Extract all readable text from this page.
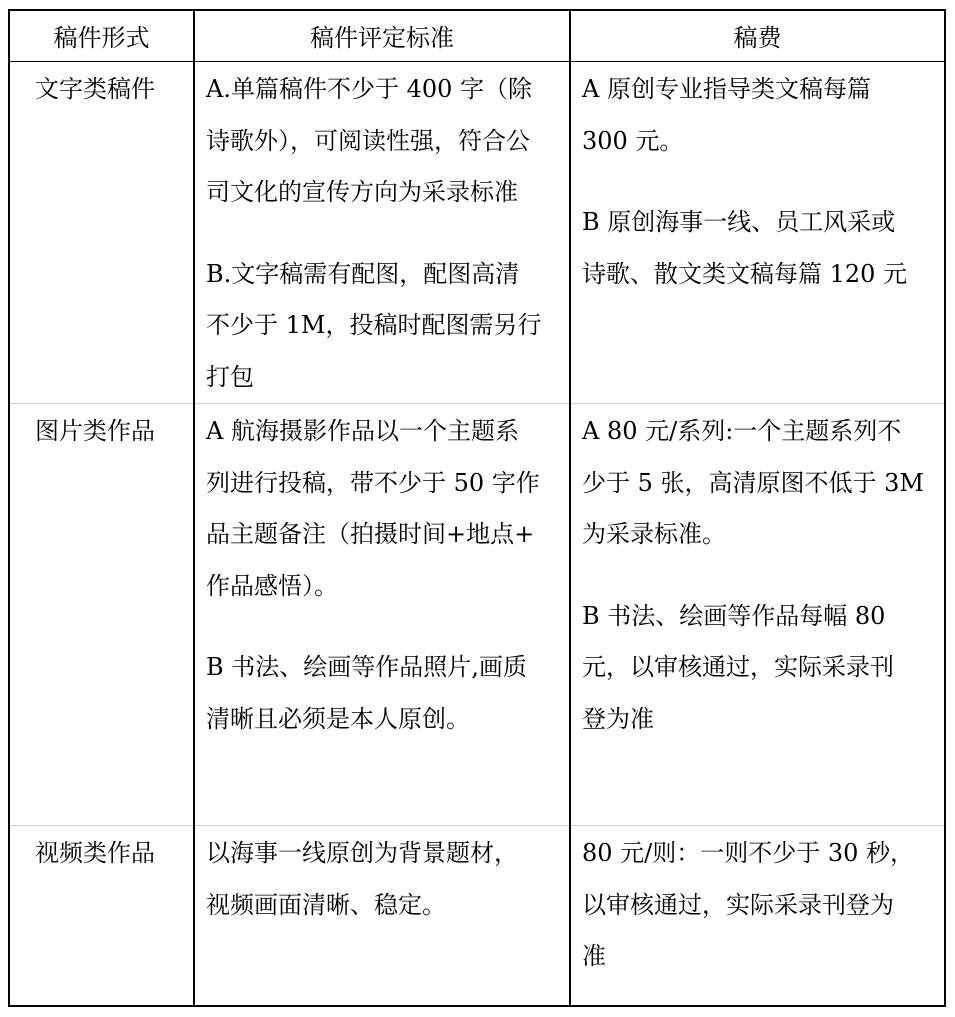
稿件形式	稿件评定标准	稿费
文字类稿件 A.单篇稿件不少于 400 字（除
诗歌外），可阅读性强，符合公
司文化的宣传方向为采录标准
B.文字稿需有配图，配图高清
不少于 1M，投稿时配图需另行
打包
A 原创专业指导类文稿每篇
300 元。
B 原创海事一线、员工风采或
诗歌、散文类文稿每篇 120 元
图片类作品 A 航海摄影作品以一个主题系
列进行投稿，带不少于 50 字作
品主题备注（拍摄时间+地点+
作品感悟）。
B 书法、绘画等作品照片,画质
清晰且必须是本人原创。
A 80 元/系列:一个主题系列不
少于 5 张，高清原图不低于 3M
为采录标准。
B 书法、绘画等作品每幅 80
元，以审核通过，实际采录刊
登为准
视频类作品 以海事一线原创为背景题材，
视频画面清晰、稳定。
80 元/则：一则不少于 30 秒，
以审核通过，实际采录刊登为
准
